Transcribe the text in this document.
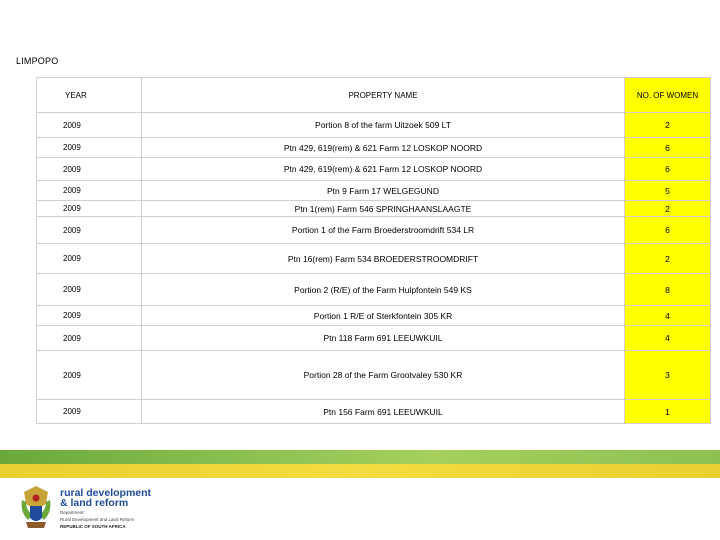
LIMPOPO
YEAR	PROPERTY NAME	NO. OF WOMEN
2009	Portion 8 of the farm Uitzoek 509 LT	2
2009	Ptn 429, 619(rem) & 621 Farm 12 LOSKOP NOORD	6
2009	Ptn 429, 619(rem) & 621 Farm 12 LOSKOP NOORD	6
2009	Ptn 9 Farm 17 WELGEGUND	5
2009	Ptn 1(rem) Farm 546 SPRINGHAANSLAAGTE	2
2009	Portion 1 of the Farm Broederstroomdrift 534 LR	6
2009	Ptn 16(rem) Farm 534 BROEDERSTROOMDRIFT	2
2009	Portion 2 (R/E) of the Farm Hulpfontein 549 KS	8
2009	Portion 1 R/E of Sterkfontein 305 KR	4
2009	Ptn 118 Farm 691 LEEUWKUIL	4
2009	Portion 28 of the Farm Grootvaley 530 KR	3
2009	Ptn 156 Farm 691 LEEUWKUIL	1
rural development
& land reform
Department:
Rural Development and Land Reform
REPUBLIC OF SOUTH AFRICA
